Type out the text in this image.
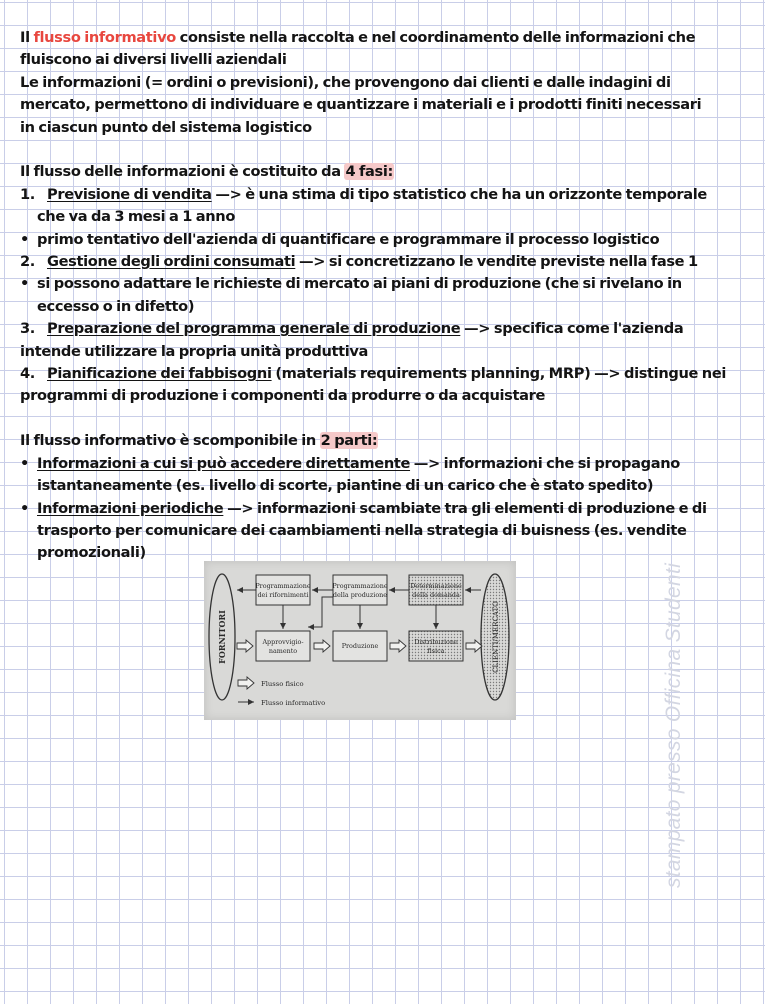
Il flusso informativo consiste nella raccolta e nel coordinamento delle informazioni che
fluiscono ai diversi livelli aziendali
Le informazioni (= ordini o previsioni), che provengono dai clienti e dalle indagini di
mercato, permettono di individuare e quantizzare i materiali e i prodotti finiti necessari
in ciascun punto del sistema logistico
Il flusso delle informazioni è costituito da 4 fasi:
1. Previsione di vendita —> è una stima di tipo statistico che ha un orizzonte temporale
che va da 3 mesi a 1 anno
• primo tentativo dell'azienda di quantificare e programmare il processo logistico
2. Gestione degli ordini consumati —> si concretizzano le vendite previste nella fase 1
• si possono adattare le richieste di mercato ai piani di produzione (che si rivelano in
eccesso o in difetto)
3. Preparazione del programma generale di produzione —> specifica come l'azienda
intende utilizzare la propria unità produttiva
4. Pianificazione dei fabbisogni (materials requirements planning, MRP) —> distingue nei
programmi di produzione i componenti da produrre o da acquistare
Il flusso informativo è scomponibile in 2 parti:
• Informazioni a cui si può accedere direttamente —> informazioni che si propagano
istantaneamente (es. livello di scorte, piantine di un carico che è stato spedito)
• Informazioni periodiche —> informazioni scambiate tra gli elementi di produzione e di
trasporto per comunicare dei caambiamenti nella strategia di buisness (es. vendite
promozionali)
FORNITORI	CLIENTI/MERCATO
Programmazione dei rifornimenti
Programmazione della produzione
Determinazione della domanda
Approvvigio-namento
Produzione	Distribuzione fisica
Flusso fisico
Flusso informativo	stampato presso Officina Studenti
